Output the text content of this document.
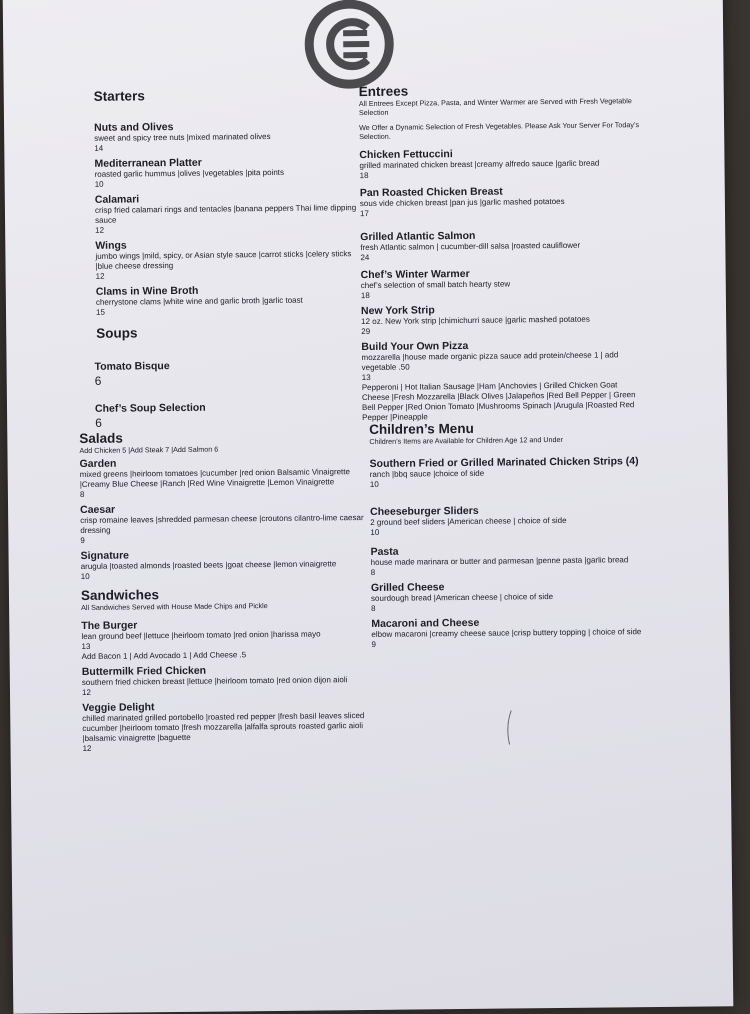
Starters
Nuts and Olives

sweet and spicy tree nuts |mixed marinated olives

14

Mediterranean Platter

roasted garlic hummus |olives |vegetables |pita points

10

Calamari

crisp fried calamari rings and tentacles |banana peppers Thai lime dipping sauce

12

Wings

jumbo wings |mild, spicy, or Asian style sauce |carrot sticks |celery sticks |blue cheese dressing

12

Clams in Wine Broth

cherrystone clams |white wine and garlic broth |garlic toast

15

Soups
Tomato Bisque

6

Chef’s Soup Selection

6

Salads

Add Chicken 5 |Add Steak 7 |Add Salmon 6

Garden

mixed greens |heirloom tomatoes |cucumber |red onion Balsamic Vinaigrette |Creamy Blue Cheese |Ranch |Red Wine Vinaigrette |Lemon Vinaigrette

8

Caesar

crisp romaine leaves |shredded parmesan cheese |croutons cilantro-lime caesar dressing

9

Signature

arugula |toasted almonds |roasted beets |goat cheese |lemon vinaigrette

10

Sandwiches

All Sandwiches Served with House Made Chips and Pickle

The Burger

lean ground beef |lettuce |heirloom tomato |red onion |harissa mayo

13

Add Bacon 1 | Add Avocado 1 | Add Cheese .5

Buttermilk Fried Chicken

southern fried chicken breast |lettuce |heirloom tomato |red onion dijon aioli

12

Veggie Delight

chilled marinated grilled portobello |roasted red pepper |fresh basil leaves sliced cucumber |heirloom tomato |fresh mozzarella |alfalfa sprouts roasted garlic aioli |balsamic vinaigrette |baguette

12

Entrees

All Entrees Except Pizza, Pasta, and Winter Warmer are Served with Fresh Vegetable Selection

We Offer a Dynamic Selection of Fresh Vegetables. Please Ask Your Server For Today’s Selection.

Chicken Fettuccini

grilled marinated chicken breast |creamy alfredo sauce |garlic bread

18

Pan Roasted Chicken Breast

sous vide chicken breast |pan jus |garlic mashed potatoes

17

Grilled Atlantic Salmon

fresh Atlantic salmon | cucumber-dill salsa |roasted cauliflower

24

Chef’s Winter Warmer

chef’s selection of small batch hearty stew

18

New York Strip

12 oz. New York strip |chimichurri sauce |garlic mashed potatoes

29

Build Your Own Pizza

mozzarella |house made organic pizza sauce add protein/cheese 1 | add vegetable .50

13

Pepperoni | Hot Italian Sausage |Ham |Anchovies | Grilled Chicken Goat Cheese |Fresh Mozzarella |Black Olives |Jalapeños |Red Bell Pepper | Green Bell Pepper |Red Onion Tomato |Mushrooms Spinach |Arugula |Roasted Red Pepper |Pineapple

Children’s Menu

Children’s Items are Available for Children Age 12 and Under

Southern Fried or Grilled Marinated Chicken Strips (4)

ranch |bbq sauce |choice of side

10

Cheeseburger Sliders

2 ground beef sliders |American cheese | choice of side

10

Pasta

house made marinara or butter and parmesan |penne pasta |garlic bread

8

Grilled Cheese

sourdough bread |American cheese | choice of side

8

Macaroni and Cheese

elbow macaroni |creamy cheese sauce |crisp buttery topping | choice of side

9
